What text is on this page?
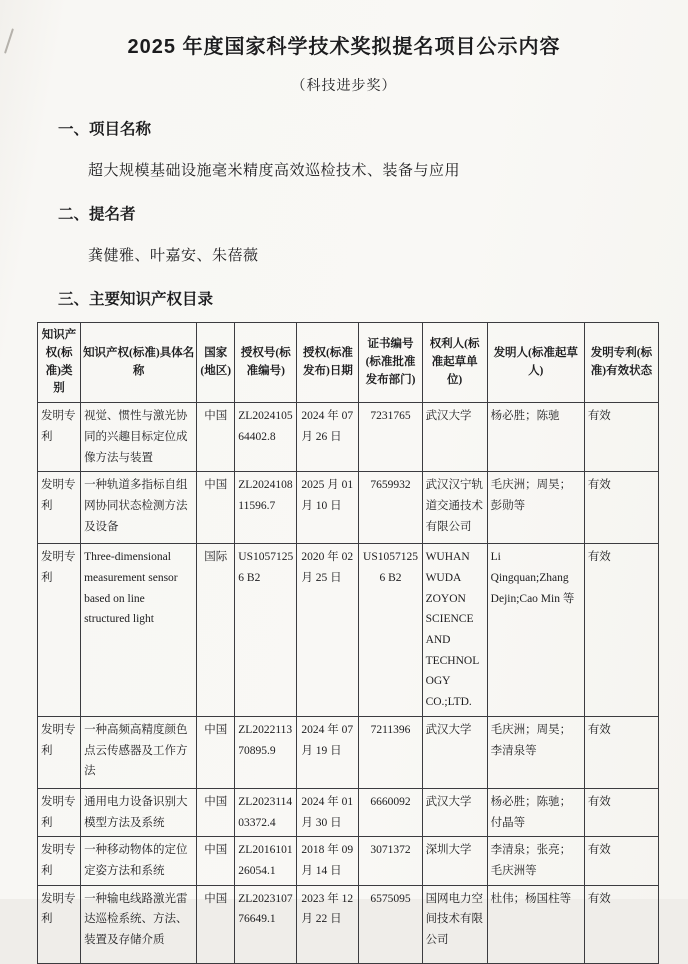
2025 年度国家科学技术奖拟提名项目公示内容
（科技进步奖）
一、项目名称
超大规模基础设施毫米精度高效巡检技术、装备与应用
二、提名者
龚健雅、叶嘉安、朱蓓薇
三、主要知识产权目录
知识产权(标准)类别	知识产权(标准)具体名称	国家(地区)	授权号(标准编号)	授权(标准发布)日期	证书编号(标准批准发布部门)	权利人(标准起草单位)	发明人(标准起草人)	发明专利(标准)有效状态
发明专利	视觉、惯性与激光协同的兴趣目标定位成像方法与装置	中国	ZL202410564402.8	2024 年 07 月 26 日	7231765	武汉大学	杨必胜；陈驰	有效
发明专利	一种轨道多指标自组网协同状态检测方法及设备	中国	ZL202410811596.7	2025 月 01 月 10 日	7659932	武汉汉宁轨道交通技术有限公司	毛庆洲；周昊；彭勋等	有效
发明专利	Three-dimensional measurement sensor based on line structured light	国际	US10571256 B2	2020 年 02 月 25 日	US10571256 B2	WUHAN WUDA ZOYON SCIENCE AND TECHNOLOGY CO.;LTD.	Li Qingquan;Zhang Dejin;Cao Min 等	有效
发明专利	一种高频高精度颜色点云传感器及工作方法	中国	ZL202211370895.9	2024 年 07 月 19 日	7211396	武汉大学	毛庆洲；周昊；李清泉等	有效
发明专利	通用电力设备识别大模型方法及系统	中国	ZL202311403372.4	2024 年 01 月 30 日	6660092	武汉大学	杨必胜；陈驰；付晶等	有效
发明专利	一种移动物体的定位定姿方法和系统	中国	ZL201610126054.1	2018 年 09 月 14 日	3071372	深圳大学	李清泉；张亮；毛庆洲等	有效
发明专利	一种输电线路激光雷达巡检系统、方法、装置及存储介质	中国	ZL202310776649.1	2023 年 12 月 22 日	6575095	国网电力空间技术有限公司	杜伟；杨国柱等	有效
